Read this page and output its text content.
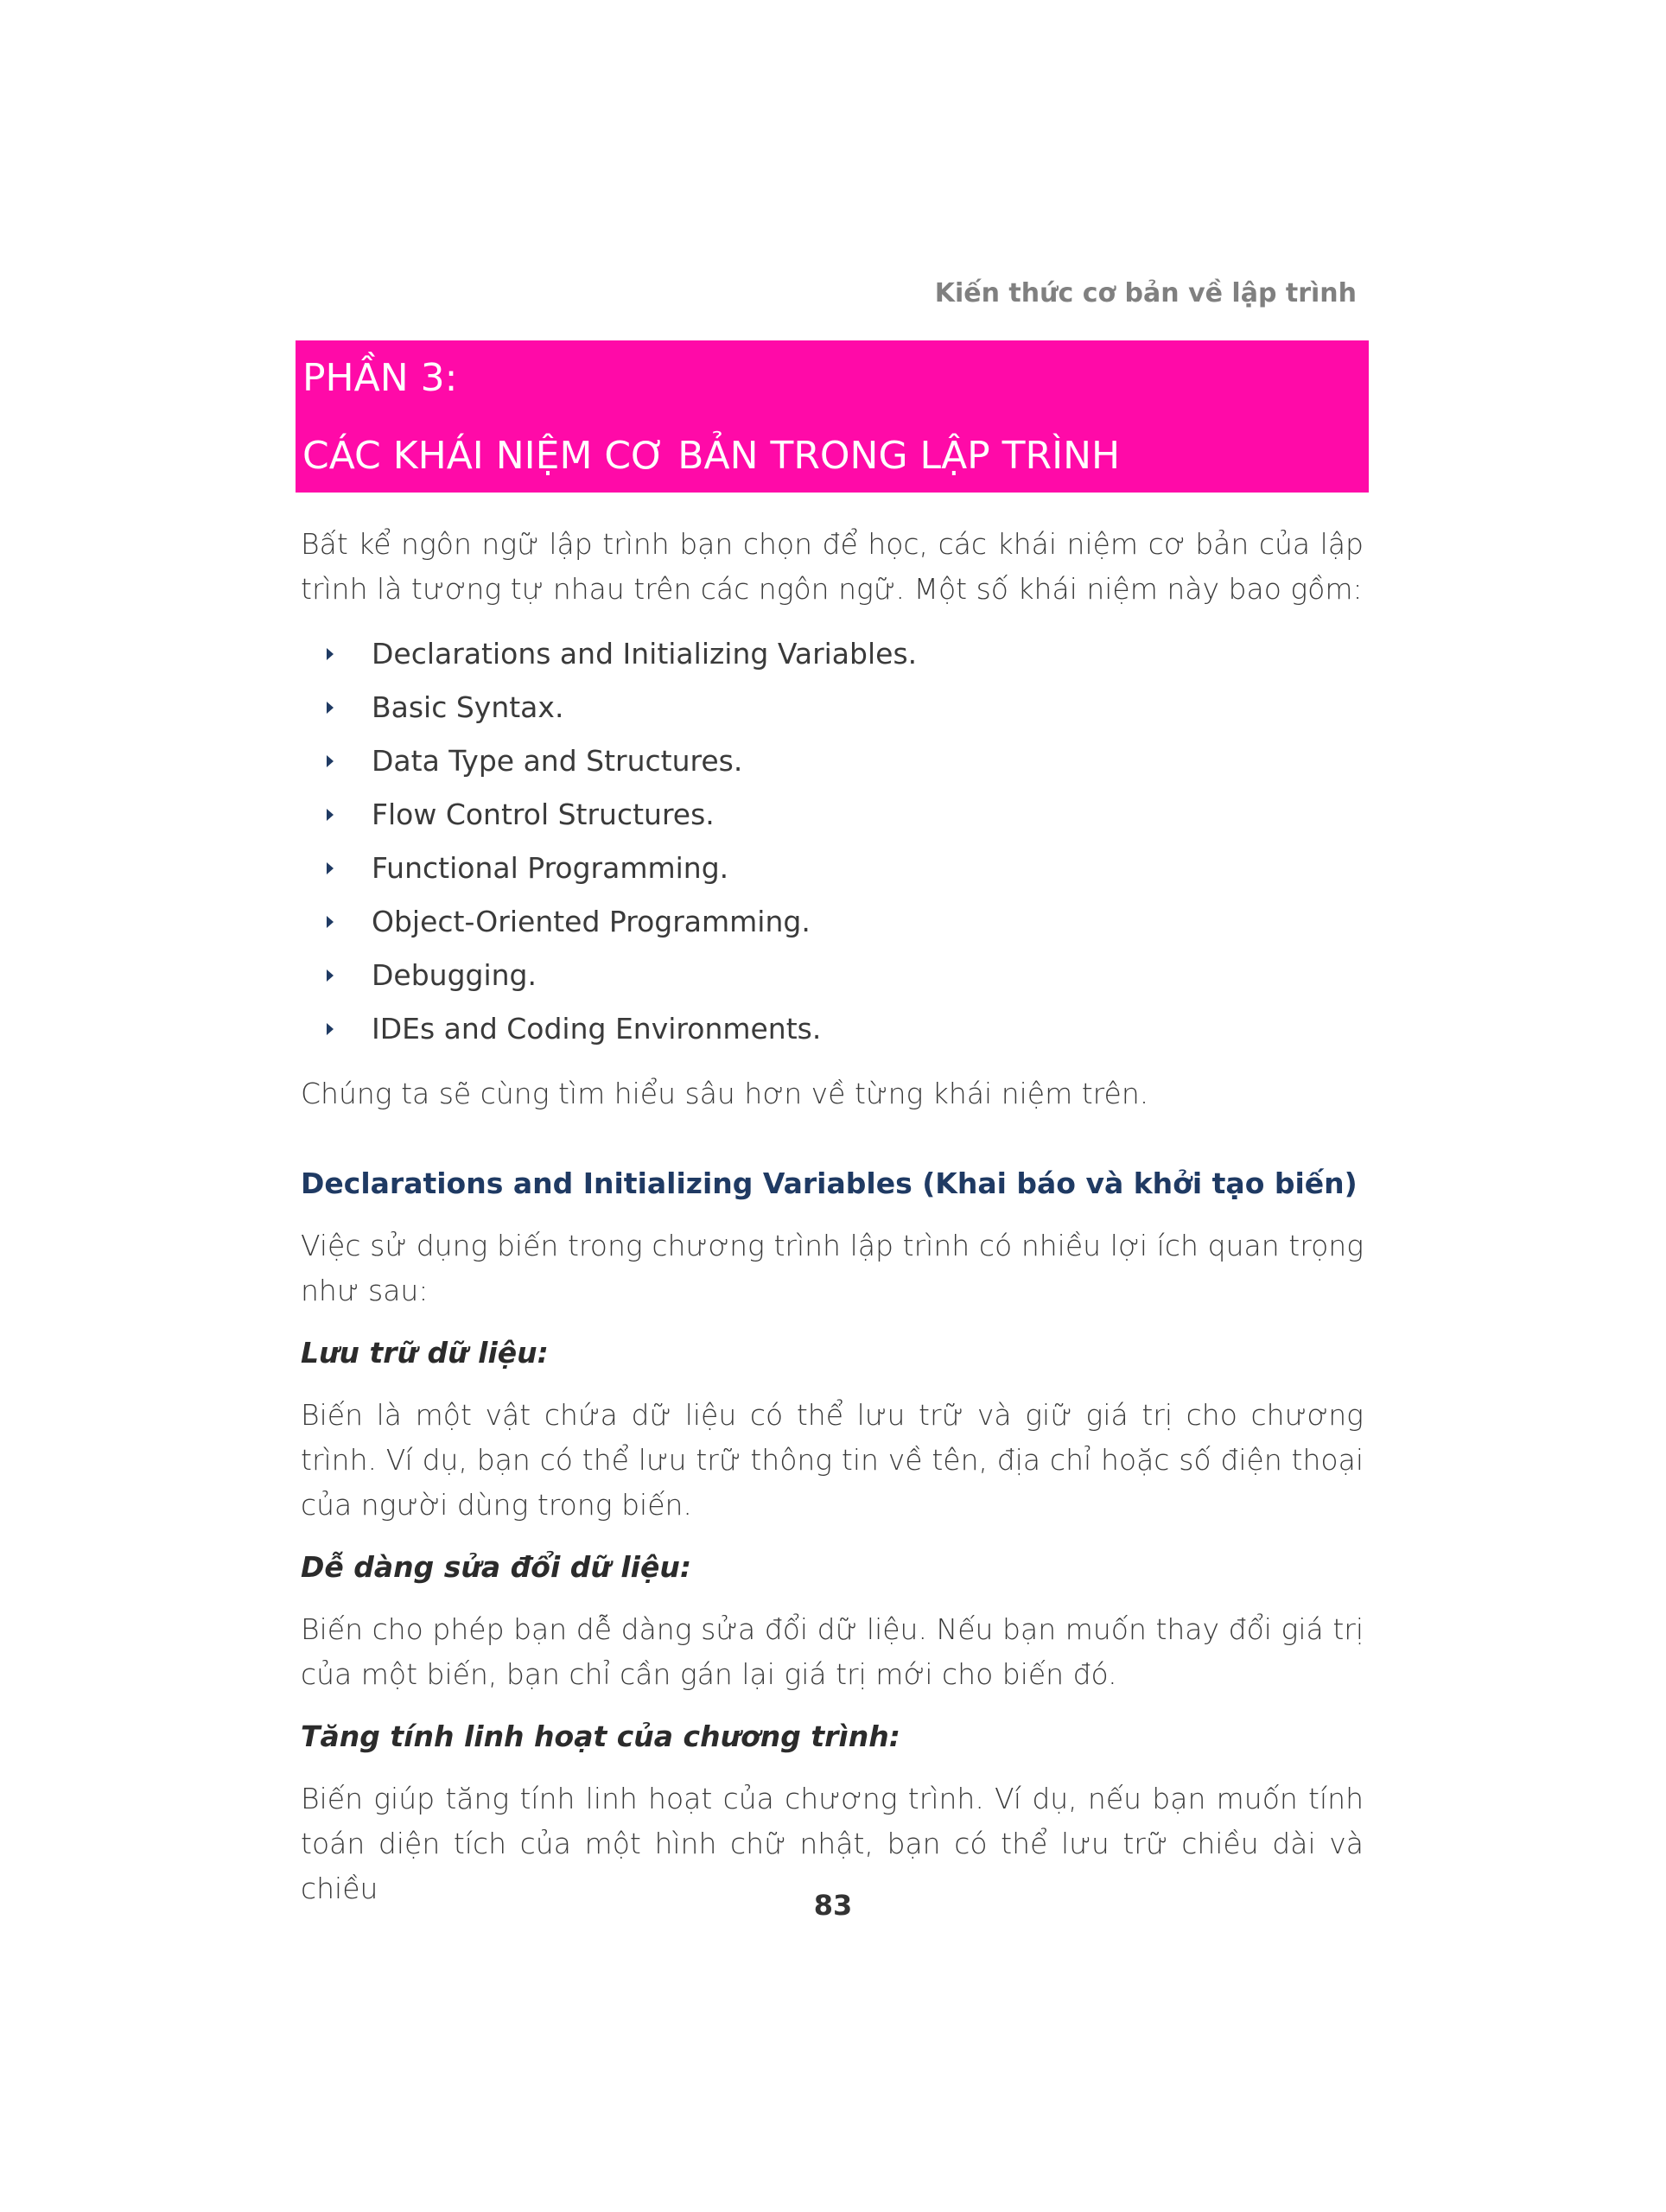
Kiến thức cơ bản về lập trình
PHẦN 3:
CÁC KHÁI NIỆM CƠ BẢN TRONG LẬP TRÌNH

Bất kể ngôn ngữ lập trình bạn chọn để học, các khái niệm cơ bản của lập trình là tương tự nhau trên các ngôn ngữ. Một số khái niệm này bao gồm:

Declarations and Initializing Variables.
Basic Syntax.
Data Type and Structures.
Flow Control Structures.
Functional Programming.
Object-Oriented Programming.
Debugging.
IDEs and Coding Environments.

Chúng ta sẽ cùng tìm hiểu sâu hơn về từng khái niệm trên.

Declarations and Initializing Variables (Khai báo và khởi tạo biến)

Việc sử dụng biến trong chương trình lập trình có nhiều lợi ích quan trọng như sau:

Lưu trữ dữ liệu:

Biến là một vật chứa dữ liệu có thể lưu trữ và giữ giá trị cho chương trình. Ví dụ, bạn có thể lưu trữ thông tin về tên, địa chỉ hoặc số điện thoại của người dùng trong biến.

Dễ dàng sửa đổi dữ liệu:

Biến cho phép bạn dễ dàng sửa đổi dữ liệu. Nếu bạn muốn thay đổi giá trị của một biến, bạn chỉ cần gán lại giá trị mới cho biến đó.

Tăng tính linh hoạt của chương trình:

Biến giúp tăng tính linh hoạt của chương trình. Ví dụ, nếu bạn muốn tính toán diện tích của một hình chữ nhật, bạn có thể lưu trữ chiều dài và chiều	83
